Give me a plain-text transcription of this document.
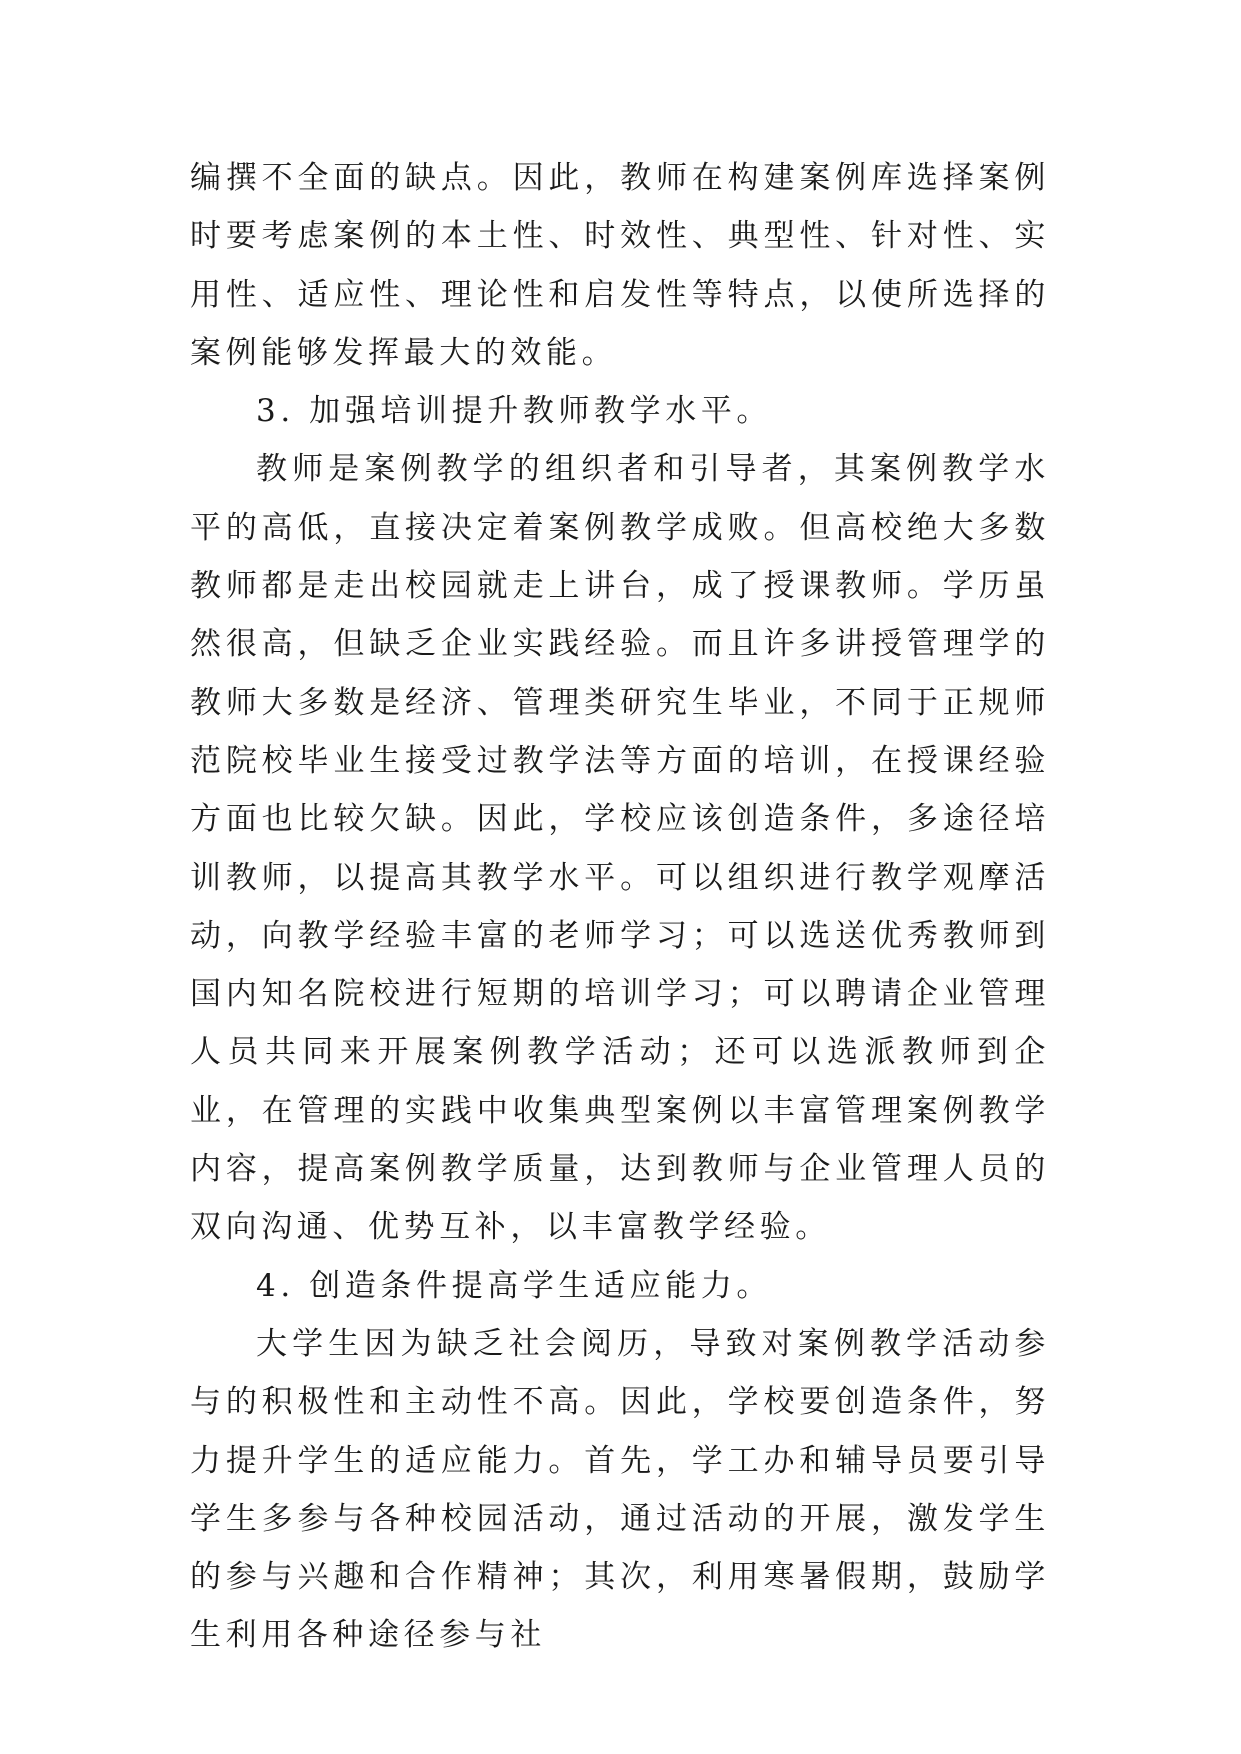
编撰不全面的缺点。因此，教师在构建案例库选择案例时要考虑案例的本土性、时效性、典型性、针对性、实用性、适应性、理论性和启发性等特点，以使所选择的案例能够发挥最大的效能。

3. 加强培训提升教师教学水平。

教师是案例教学的组织者和引导者，其案例教学水平的高低，直接决定着案例教学成败。但高校绝大多数教师都是走出校园就走上讲台，成了授课教师。学历虽然很高，但缺乏企业实践经验。而且许多讲授管理学的教师大多数是经济、管理类研究生毕业，不同于正规师范院校毕业生接受过教学法等方面的培训，在授课经验方面也比较欠缺。因此，学校应该创造条件，多途径培训教师，以提高其教学水平。可以组织进行教学观摩活动，向教学经验丰富的老师学习；可以选送优秀教师到国内知名院校进行短期的培训学习；可以聘请企业管理人员共同来开展案例教学活动；还可以选派教师到企业，在管理的实践中收集典型案例以丰富管理案例教学内容，提高案例教学质量，达到教师与企业管理人员的双向沟通、优势互补，以丰富教学经验。

4. 创造条件提高学生适应能力。

大学生因为缺乏社会阅历，导致对案例教学活动参与的积极性和主动性不高。因此，学校要创造条件，努力提升学生的适应能力。首先，学工办和辅导员要引导学生多参与各种校园活动，通过活动的开展，激发学生的参与兴趣和合作精神；其次，利用寒暑假期，鼓励学生利用各种途径参与社
